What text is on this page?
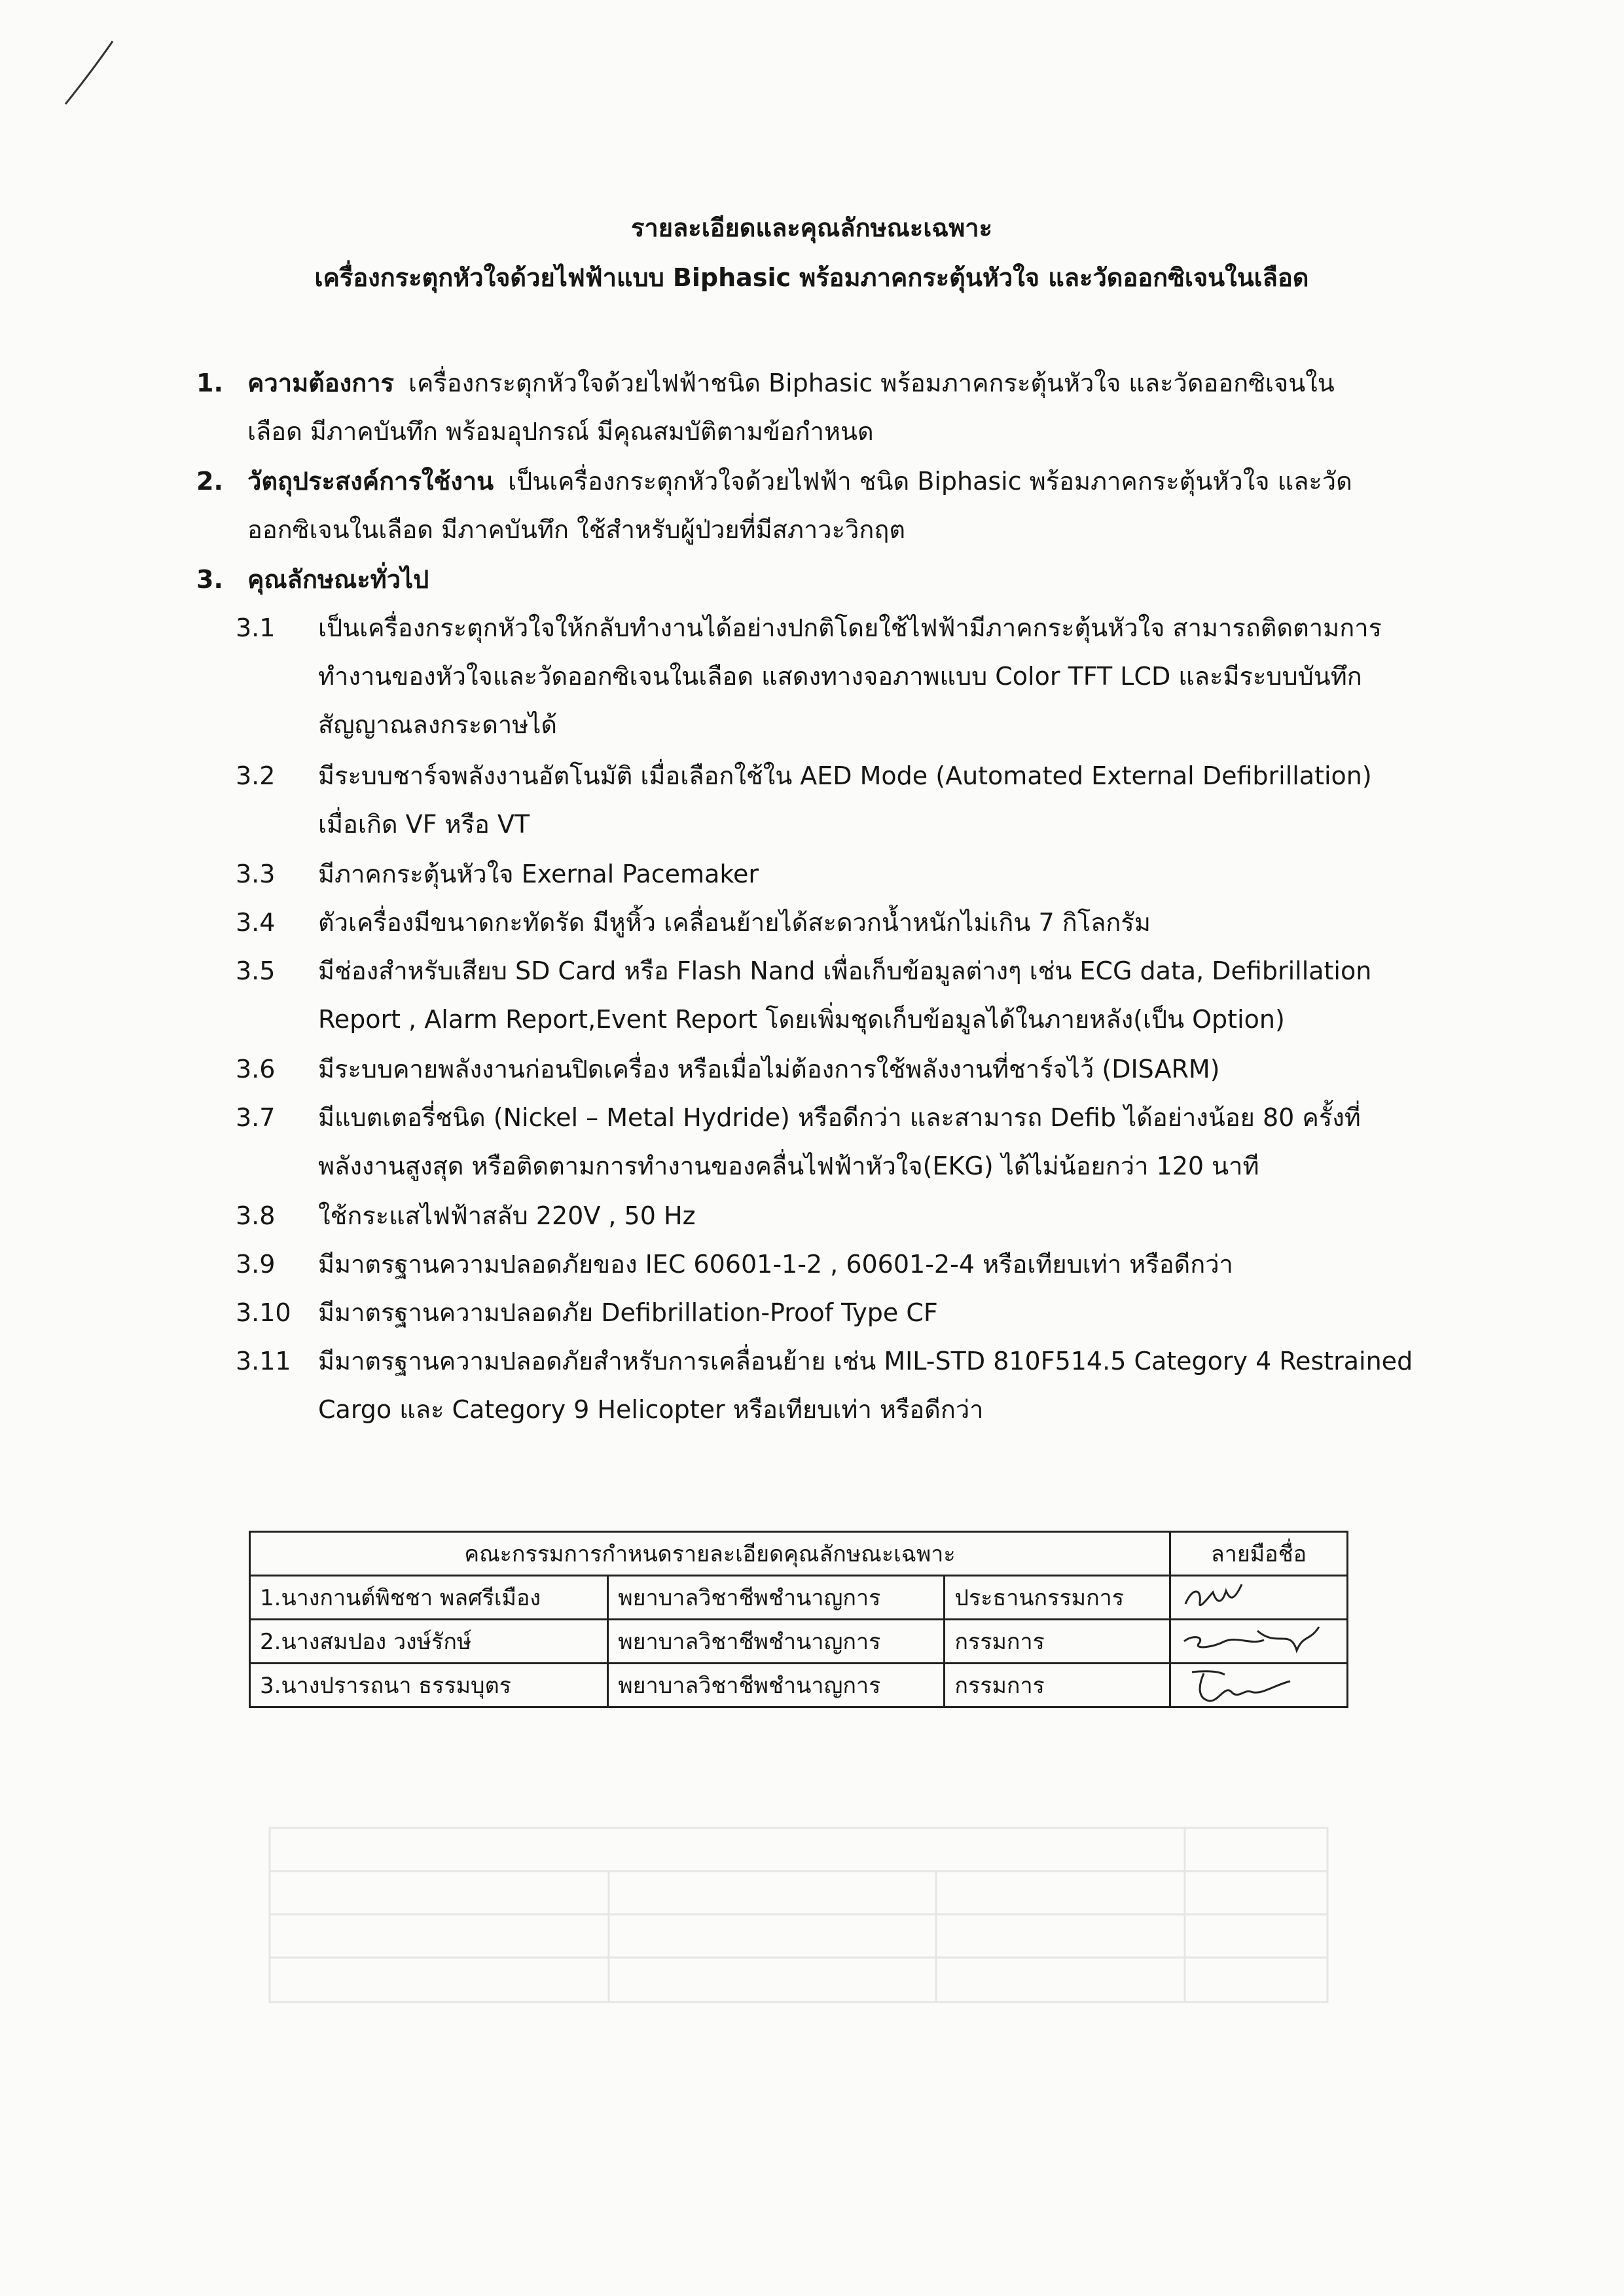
รายละเอียดและคุณลักษณะเฉพาะ
เครื่องกระตุกหัวใจด้วยไฟฟ้าแบบ Biphasic พร้อมภาคกระตุ้นหัวใจ และวัดออกซิเจนในเลือด
1. ความต้องการ เครื่องกระตุกหัวใจด้วยไฟฟ้าชนิด Biphasic พร้อมภาคกระตุ้นหัวใจ และวัดออกซิเจนใน
เลือด มีภาคบันทึก พร้อมอุปกรณ์ มีคุณสมบัติตามข้อกำหนด
2. วัตถุประสงค์การใช้งาน เป็นเครื่องกระตุกหัวใจด้วยไฟฟ้า ชนิด Biphasic พร้อมภาคกระตุ้นหัวใจ และวัด
ออกซิเจนในเลือด มีภาคบันทึก ใช้สำหรับผู้ป่วยที่มีสภาวะวิกฤต
3. คุณลักษณะทั่วไป
3.1 เป็นเครื่องกระตุกหัวใจให้กลับทำงานได้อย่างปกติโดยใช้ไฟฟ้ามีภาคกระตุ้นหัวใจ สามารถติดตามการ
ทำงานของหัวใจและวัดออกซิเจนในเลือด แสดงทางจอภาพแบบ Color TFT LCD และมีระบบบันทึก
สัญญาณลงกระดาษได้
3.2 มีระบบชาร์จพลังงานอัตโนมัติ เมื่อเลือกใช้ใน AED Mode (Automated External Defibrillation)
เมื่อเกิด VF หรือ VT
3.3 มีภาคกระตุ้นหัวใจ Exernal Pacemaker
3.4 ตัวเครื่องมีขนาดกะทัดรัด มีหูหิ้ว เคลื่อนย้ายได้สะดวกน้ำหนักไม่เกิน 7 กิโลกรัม
3.5 มีช่องสำหรับเสียบ SD Card หรือ Flash Nand เพื่อเก็บข้อมูลต่างๆ เช่น ECG data, Defibrillation
Report , Alarm Report,Event Report โดยเพิ่มชุดเก็บข้อมูลได้ในภายหลัง(เป็น Option)
3.6 มีระบบคายพลังงานก่อนปิดเครื่อง หรือเมื่อไม่ต้องการใช้พลังงานที่ชาร์จไว้ (DISARM)
3.7 มีแบตเตอรี่ชนิด (Nickel – Metal Hydride) หรือดีกว่า และสามารถ Defib ได้อย่างน้อย 80 ครั้งที่
พลังงานสูงสุด หรือติดตามการทำงานของคลื่นไฟฟ้าหัวใจ(EKG) ได้ไม่น้อยกว่า 120 นาที
3.8 ใช้กระแสไฟฟ้าสลับ 220V , 50 Hz
3.9 มีมาตรฐานความปลอดภัยของ IEC 60601-1-2 , 60601-2-4 หรือเทียบเท่า หรือดีกว่า
3.10 มีมาตรฐานความปลอดภัย Defibrillation-Proof Type CF
3.11 มีมาตรฐานความปลอดภัยสำหรับการเคลื่อนย้าย เช่น MIL-STD 810F514.5 Category 4 Restrained
Cargo และ Category 9 Helicopter หรือเทียบเท่า หรือดีกว่า
คณะกรรมการกำหนดรายละเอียดคุณลักษณะเฉพาะ			ลายมือชื่อ
1.นางกานต์พิชชา พลศรีเมือง	พยาบาลวิชาชีพชำนาญการ	ประธานกรรมการ	

2.นางสมปอง วงษ์รักษ์	พยาบาลวิชาชีพชำนาญการ	กรรมการ	

3.นางปรารถนา ธรรมบุตร	พยาบาลวิชาชีพชำนาญการ	กรรมการ	
